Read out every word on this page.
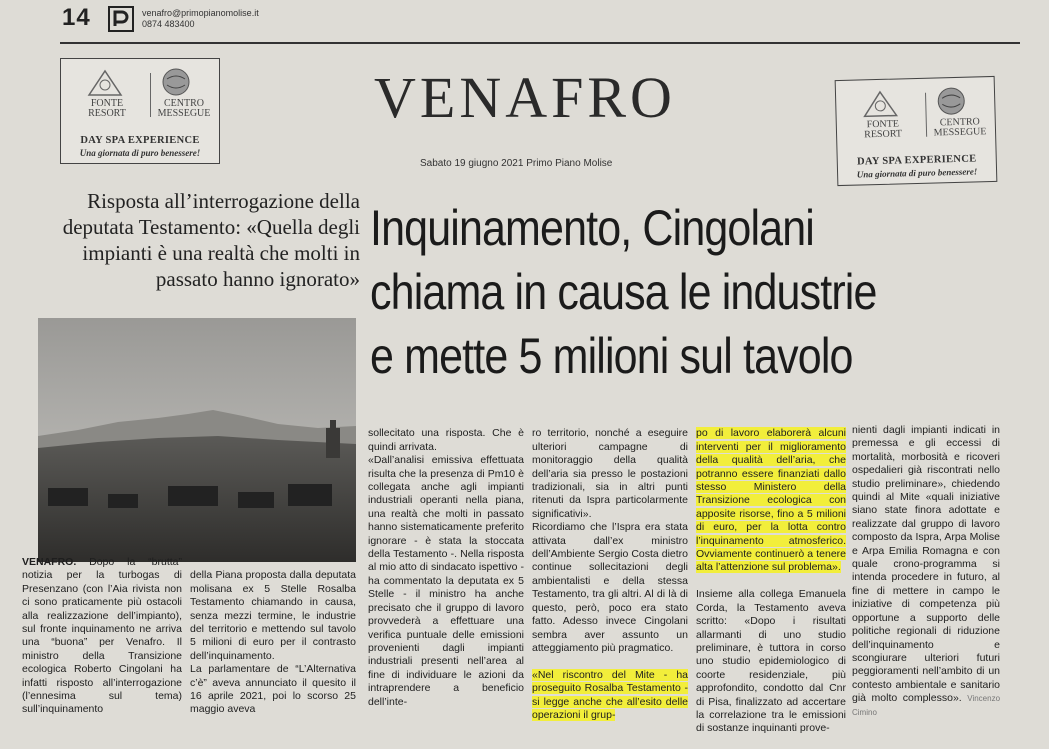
14	venafro@primopianomolise.it
0874 483400
FONTE
RESORT
CENTRO
MESSEGUE
DAY SPA EXPERIENCE
Una giornata di puro benessere!
FONTE
RESORT
CENTRO
MESSEGUE
DAY SPA EXPERIENCE
Una giornata di puro benessere!
VENAFRO
Sabato 19 giugno 2021 Primo Piano Molise
Risposta all’interrogazione della deputata Testamento: «Quella degli impianti è una realtà che molti in passato hanno ignorato»
Inquinamento, Cingolani
chiama in causa le industrie
e mette 5 milioni sul tavolo

VENAFRO. Dopo la “brutta” notizia per la turbogas di Presenzano (con l’Aia rivista non ci sono praticamente più ostacoli alla realizzazione dell’impianto), sul fronte inquinamento ne arriva una “buona” per Venafro. Il ministro della Transizione ecologica Roberto Cingolani ha infatti risposto all’interrogazione (l’ennesima sul tema) sull’inquinamento

della Piana proposta dalla deputata molisana ex 5 Stelle Rosalba Testamento chiamando in causa, senza mezzi termine, le industrie del territorio e mettendo sul tavolo 5 milioni di euro per il contrasto dell’inquinamento.
La parlamentare de “L’Alternativa c’è” aveva annunciato il quesito il 16 aprile 2021, poi lo scorso 25 maggio aveva

sollecitato una risposta. Che è quindi arrivata.
«Dall’analisi emissiva effettuata risulta che la presenza di Pm10 è collegata anche agli impianti industriali operanti nella piana, una realtà che molti in passato hanno sistematicamente preferito ignorare - è stata la stoccata della Testamento -. Nella risposta al mio atto di sindacato ispettivo - ha commentato la deputata ex 5 Stelle - il ministro ha anche precisato che il gruppo di lavoro provvederà a effettuare una verifica puntuale delle emissioni provenienti dagli impianti industriali presenti nell’area al fine di individuare le azioni da intraprendere a beneficio dell’inte-

ro territorio, nonché a eseguire ulteriori campagne di monitoraggio della qualità dell’aria sia presso le postazioni tradizionali, sia in altri punti ritenuti da Ispra particolarmente significativi».
Ricordiamo che l’Ispra era stata attivata dall’ex ministro dell’Ambiente Sergio Costa dietro continue sollecitazioni degli ambientalisti e della stessa Testamento, tra gli altri. Al di là di questo, però, poco era stato fatto. Adesso invece Cingolani sembra aver assunto un atteggiamento più pragmatico.

«Nel riscontro del Mite - ha proseguito Rosalba Testamento - si legge anche che all’esito delle operazioni il grup-

po di lavoro elaborerà alcuni interventi per il miglioramento della qualità dell’aria, che potranno essere finanziati dallo stesso Ministero della Transizione ecologica con apposite risorse, fino a 5 milioni di euro, per la lotta contro l’inquinamento atmosferico. Ovviamente continuerò a tenere alta l’attenzione sul problema».

Insieme alla collega Emanuela Corda, la Testamento aveva scritto: «Dopo i risultati allarmanti di uno studio preliminare, è tuttora in corso uno studio epidemiologico di coorte residenziale, più approfondito, condotto dal Cnr di Pisa, finalizzato ad accertare la correlazione tra le emissioni di sostanze inquinanti prove-

nienti dagli impianti indicati in premessa e gli eccessi di mortalità, morbosità e ricoveri ospedalieri già riscontrati nello studio preliminare», chiedendo quindi al Mite «quali iniziative siano state finora adottate e realizzate dal gruppo di lavoro composto da Ispra, Arpa Molise e Arpa Emilia Romagna e con quale crono-programma si intenda procedere in futuro, al fine di mettere in campo le iniziative di competenza più opportune a supporto delle politiche regionali di riduzione dell’inquinamento e scongiurare ulteriori futuri peggioramenti nell’ambito di un contesto ambientale e sanitario già molto complesso». Vincenzo Cimino
